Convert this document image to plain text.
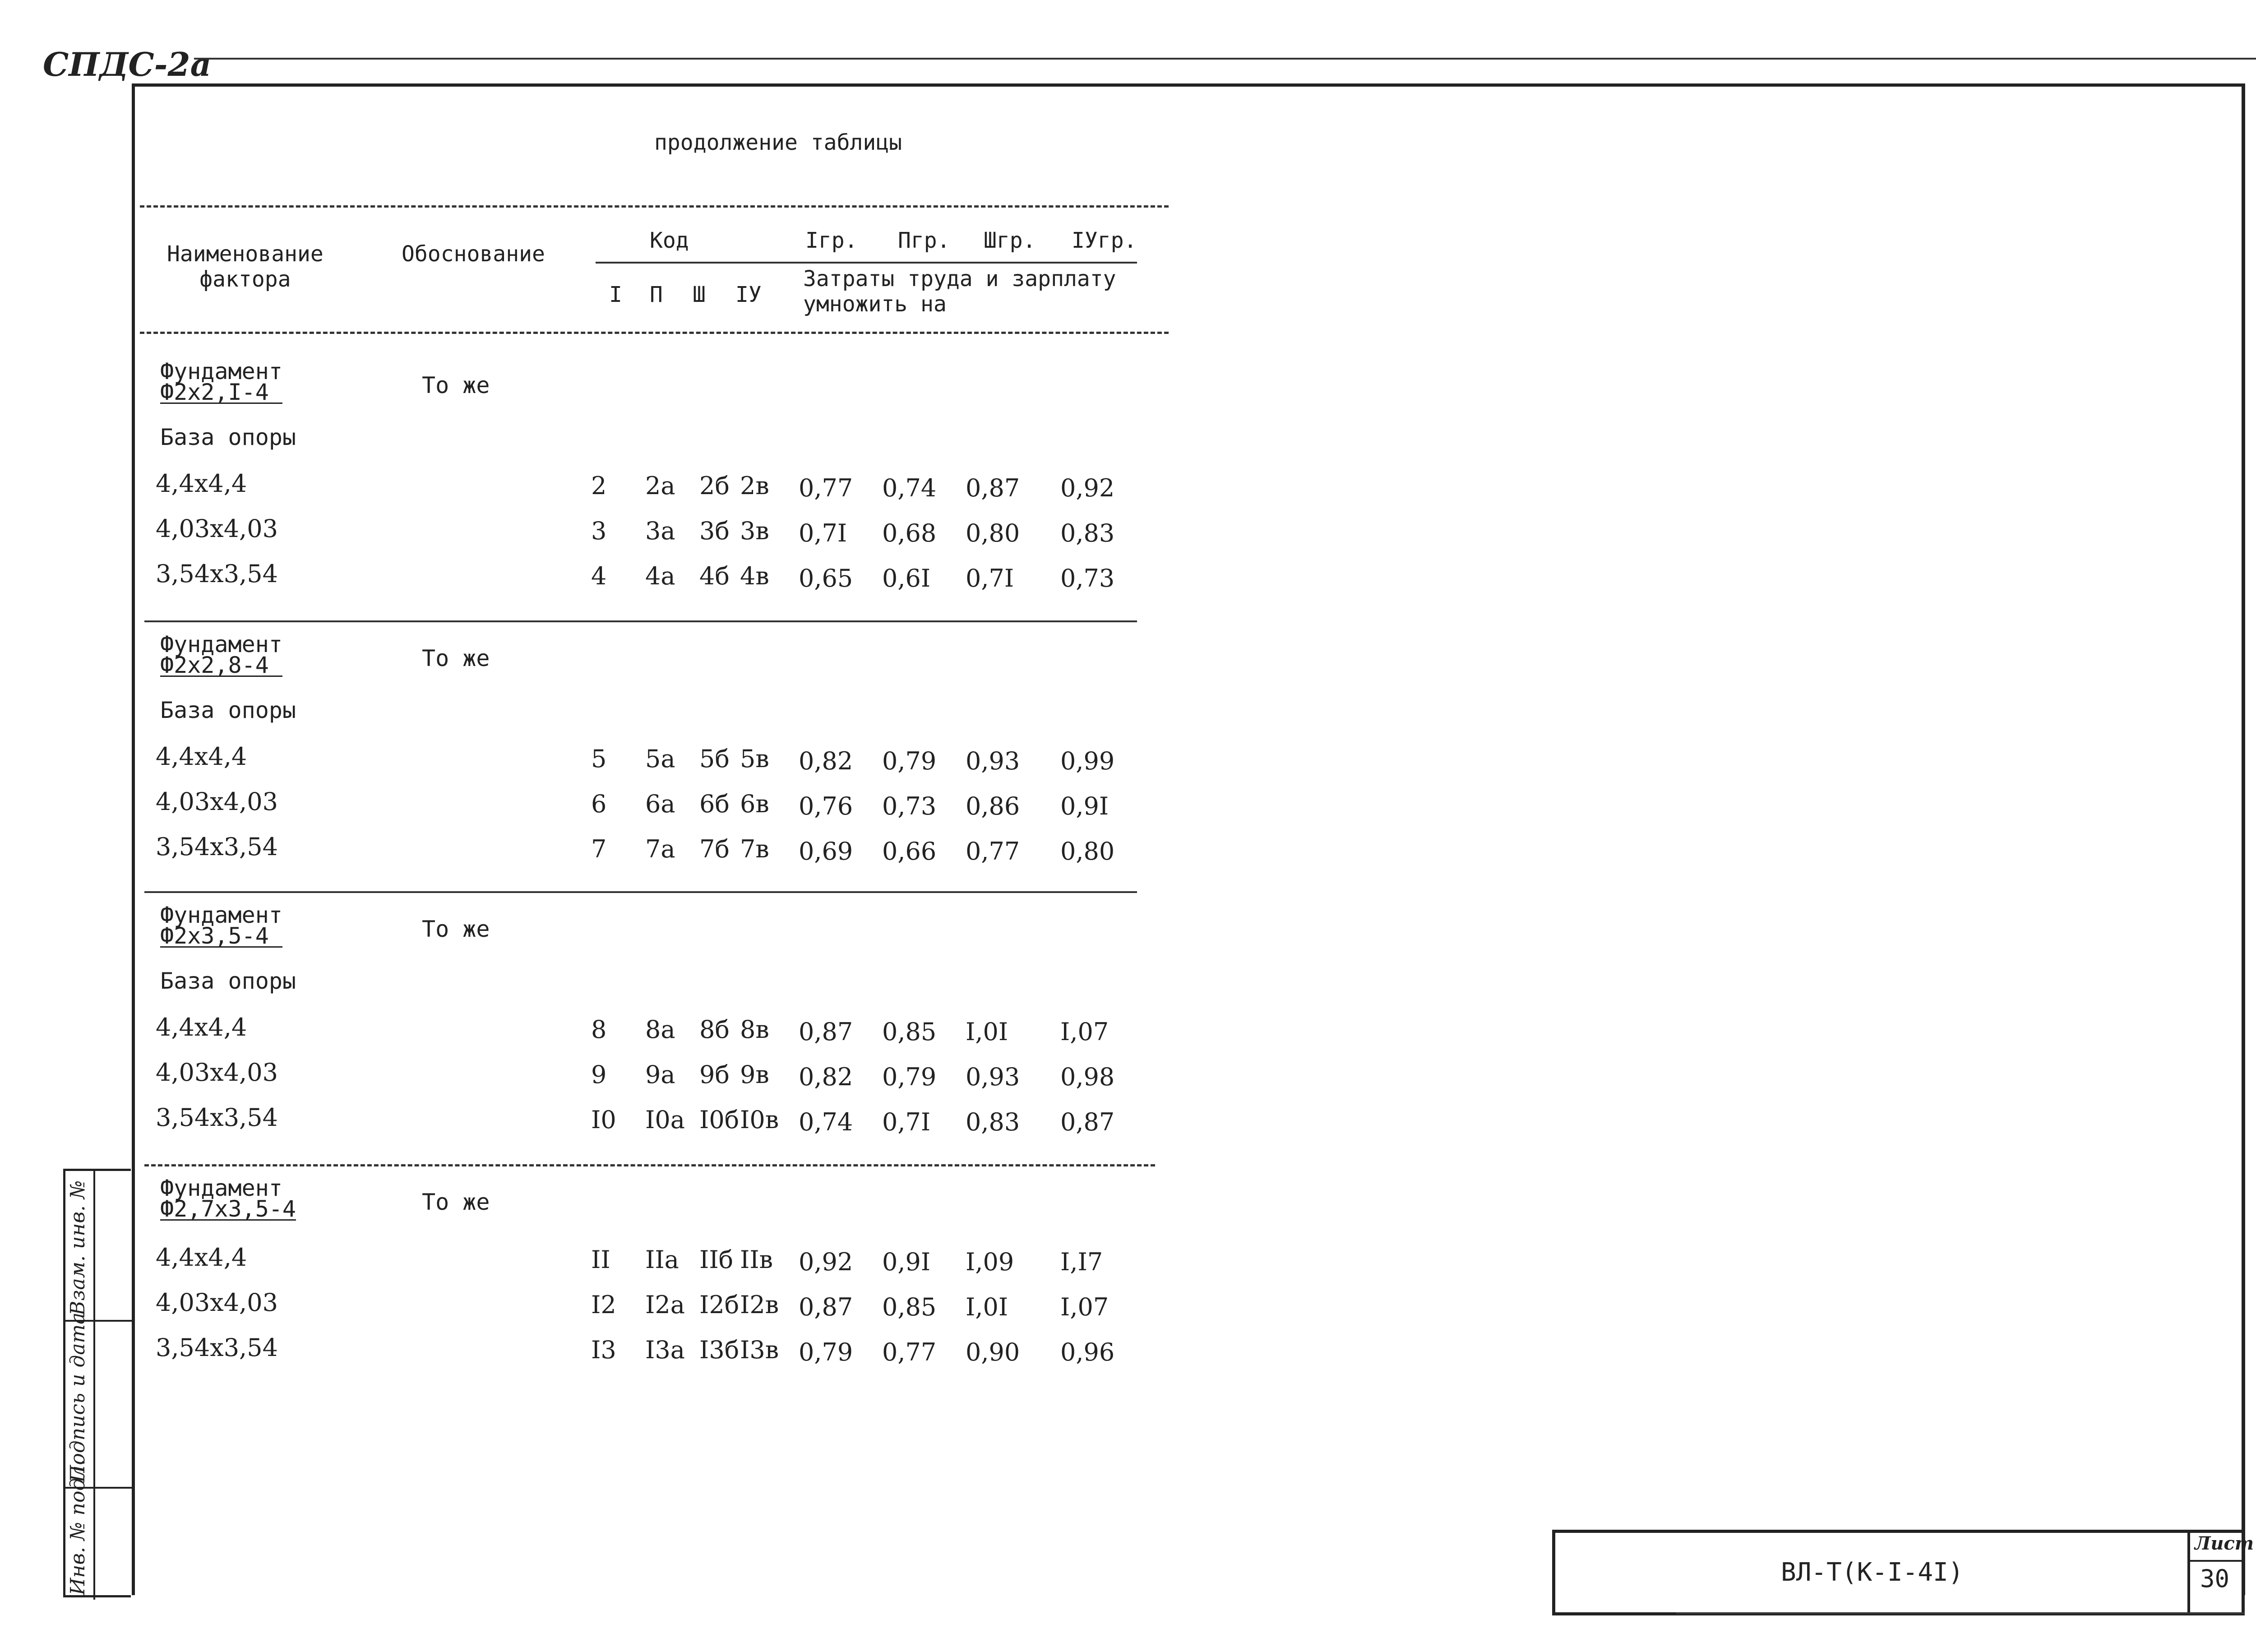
СПДС-2а
Взам. инв. №
Подпись и дата
Инв. № подл.
продолжение таблицы
Наименование
фактора
Обоснование
Код
I П Ш IУ
Iгр. Пгр. Шгр. IУгр.
Затраты труда и зарплату
умножить на
Фундамент
Ф2х2,I-4	То же
База опоры
4,4х4,4	2 2а 2б 2в 0,77 0,74 0,87 0,92
4,03х4,03	3 3а 3б 3в 0,7I 0,68 0,80 0,83
3,54х3,54	4 4а 4б 4в 0,65 0,6I 0,7I 0,73
Фундамент
Ф2х2,8-4	То же
База опоры
4,4х4,4	5 5а 5б 5в 0,82 0,79 0,93 0,99
4,03х4,03	6 6а 6б 6в 0,76 0,73 0,86 0,9I
3,54х3,54	7 7а 7б 7в 0,69 0,66 0,77 0,80
Фундамент
Ф2х3,5-4	То же
База опоры
4,4х4,4	8 8а 8б 8в 0,87 0,85 I,0I I,07
4,03х4,03	9 9а 9б 9в 0,82 0,79 0,93 0,98
3,54х3,54	I0 I0а I0б I0в 0,74 0,7I 0,83 0,87
Фундамент
Ф2,7х3,5-4	То же
4,4х4,4	II IIа IIб IIв 0,92 0,9I I,09 I,I7
4,03х4,03	I2 I2а I2б I2в 0,87 0,85 I,0I I,07
3,54х3,54	I3 I3а I3б I3в 0,79 0,77 0,90 0,96
ВЛ-Т(К-I-4I)
Лист
30
